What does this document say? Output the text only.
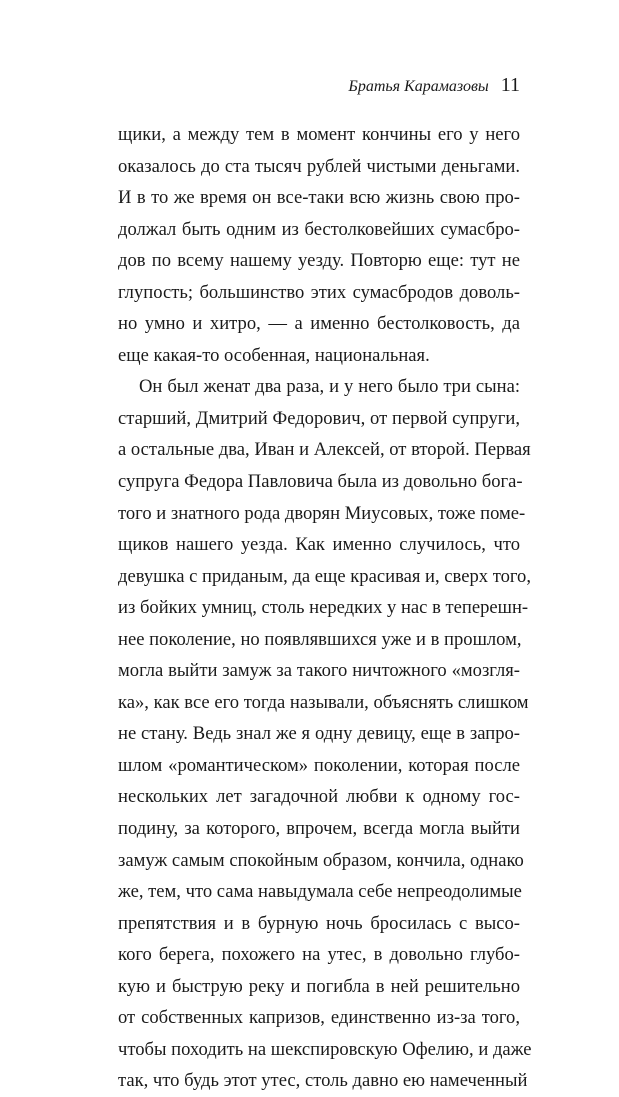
Братья Карамазовы 11
щики, а между тем в момент кончины его у него
оказалось до ста тысяч рублей чистыми деньгами.
И в то же время он все-таки всю жизнь свою про-
должал быть одним из бестолковейших сумасбро-
дов по всему нашему уезду. Повторю еще: тут не
глупость; большинство этих сумасбродов доволь-
но умно и хитро, — а именно бестолковость, да
еще какая-то особенная, национальная.
Он был женат два раза, и у него было три сына:
старший, Дмитрий Федорович, от первой супруги,
а остальные два, Иван и Алексей, от второй. Первая
супруга Федора Павловича была из довольно бога-
того и знатного рода дворян Миусовых, тоже поме-
щиков нашего уезда. Как именно случилось, что
девушка с приданым, да еще красивая и, сверх того,
из бойких умниц, столь нередких у нас в теперешн-
нее поколение, но появлявшихся уже и в прошлом,
могла выйти замуж за такого ничтожного «мозгля-
ка», как все его тогда называли, объяснять слишком
не стану. Ведь знал же я одну девицу, еще в запро-
шлом «романтическом» поколении, которая после
нескольких лет загадочной любви к одному гос-
подину, за которого, впрочем, всегда могла выйти
замуж самым спокойным образом, кончила, однако
же, тем, что сама навыдумала себе непреодолимые
препятствия и в бурную ночь бросилась с высо-
кого берега, похожего на утес, в довольно глубо-
кую и быструю реку и погибла в ней решительно
от собственных капризов, единственно из-за того,
чтобы походить на шекспировскую Офелию, и даже
так, что будь этот утес, столь давно ею намеченный
